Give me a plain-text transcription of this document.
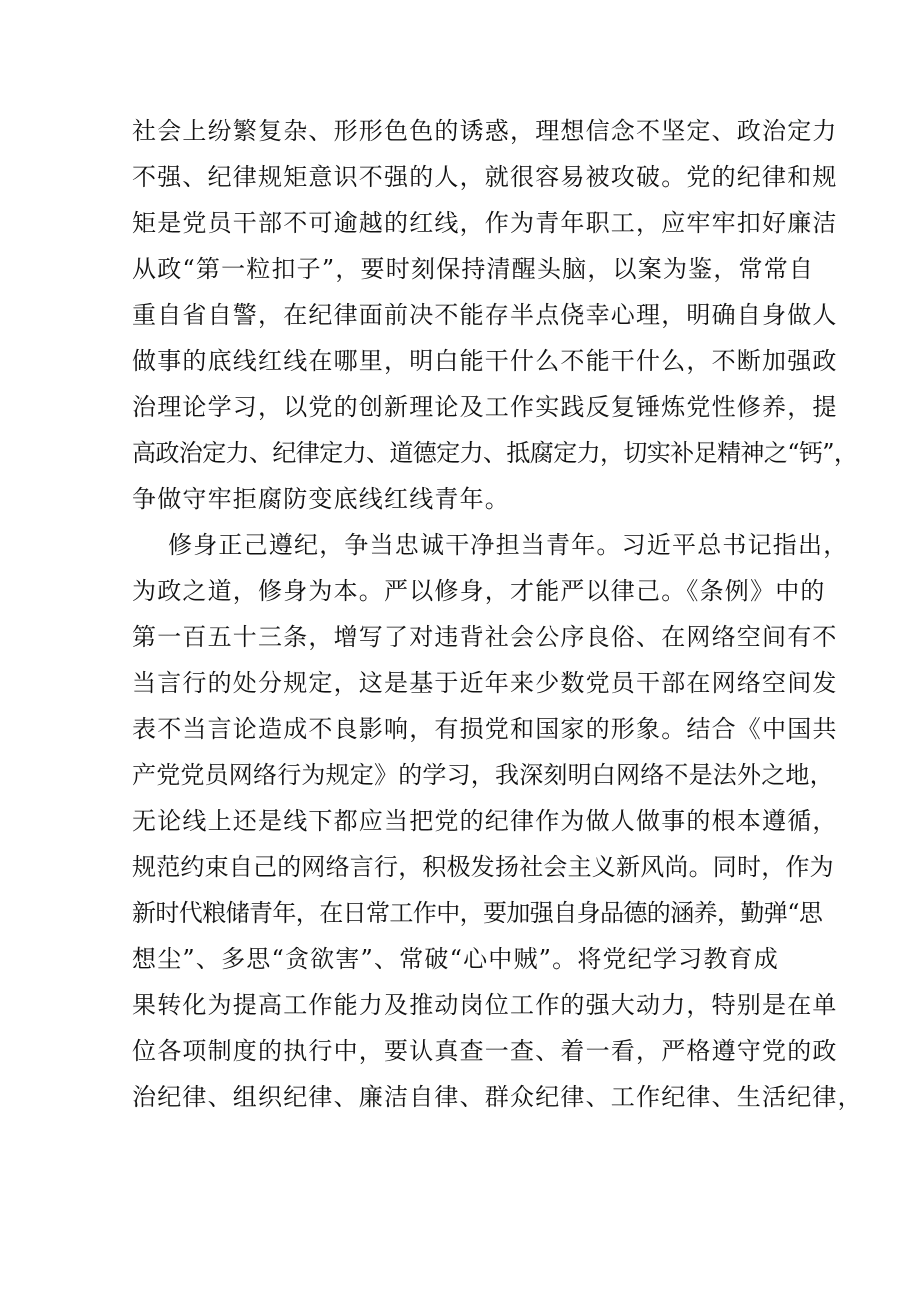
社会上纷繁复杂、形形色色的诱惑，理想信念不坚定、政治定力
不强、纪律规矩意识不强的人，就很容易被攻破。党的纪律和规
矩是党员干部不可逾越的红线，作为青年职工，应牢牢扣好廉洁
从政“第一粒扣子”，要时刻保持清醒头脑，以案为鉴，常常自
重自省自警，在纪律面前决不能存半点侥幸心理，明确自身做人
做事的底线红线在哪里，明白能干什么不能干什么，不断加强政
治理论学习，以党的创新理论及工作实践反复锤炼党性修养，提
高政治定力、纪律定力、道德定力、抵腐定力，切实补足精神之“钙”，
争做守牢拒腐防变底线红线青年。
修身正己遵纪，争当忠诚干净担当青年。习近平总书记指出，
为政之道，修身为本。严以修身，才能严以律己。《条例》中的
第一百五十三条，增写了对违背社会公序良俗、在网络空间有不
当言行的处分规定，这是基于近年来少数党员干部在网络空间发
表不当言论造成不良影响，有损党和国家的形象。结合《中国共
产党党员网络行为规定》的学习，我深刻明白网络不是法外之地，
无论线上还是线下都应当把党的纪律作为做人做事的根本遵循，
规范约束自己的网络言行，积极发扬社会主义新风尚。同时，作为
新时代粮储青年，在日常工作中，要加强自身品德的涵养，勤弹“思
想尘”、多思“贪欲害”、常破“心中贼”。将党纪学习教育成
果转化为提高工作能力及推动岗位工作的强大动力，特别是在单
位各项制度的执行中，要认真查一查、着一看，严格遵守党的政
治纪律、组织纪律、廉洁自律、群众纪律、工作纪律、生活纪律，
